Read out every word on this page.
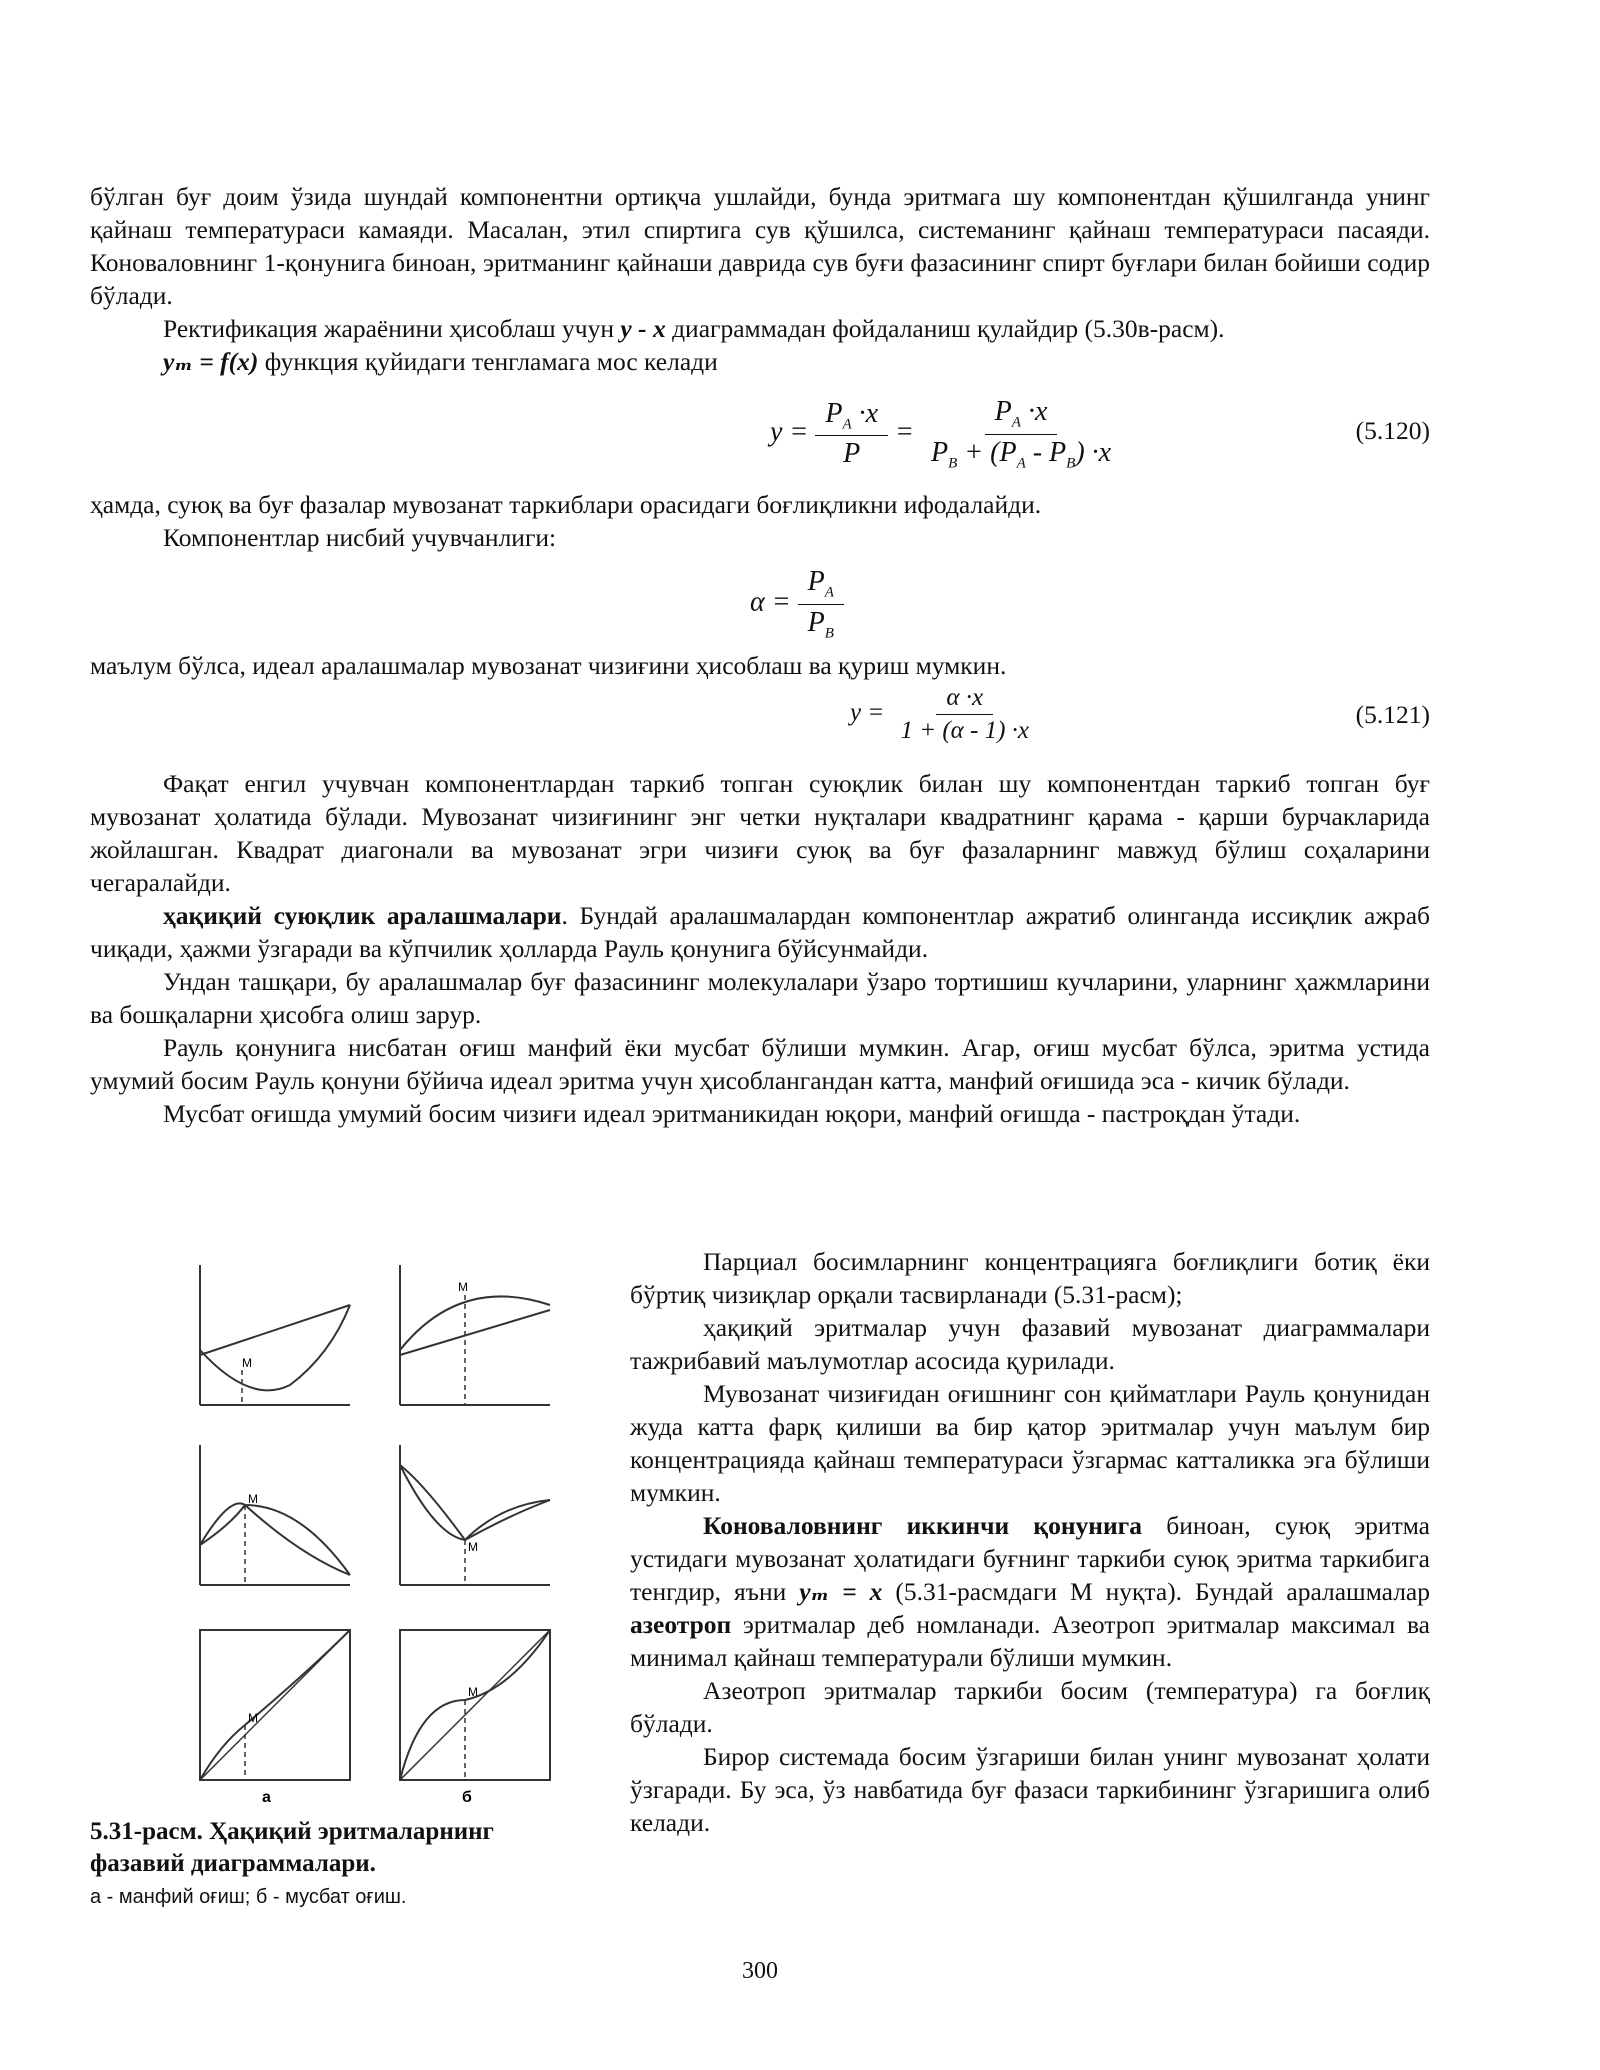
бўлган буғ доим ўзида шундай компонентни ортиқча ушлайди, бунда эритмага шу компонентдан қўшилганда унинг қайнаш температураси камаяди. Масалан, этил спиртига сув қўшилса, системанинг қайнаш температураси пасаяди. Коноваловнинг 1-қонунига биноан, эритманинг қайнаши даврида сув буғи фазасининг спирт буғлари билан бойиши содир бўлади.

Ректификация жараёнини ҳисоблаш учун y - x диаграммадан фойдаланиш қулайдир (5.30в-расм).

yₘ = f(x) функция қуйидаги тенгламага мос келади

$y = \frac{P_A \cdot x}{P} = \frac{P_A \cdot x}{P_B + (P_A - P_B) \cdot x}$	(5.120)

ҳамда, суюқ ва буғ фазалар мувозанат таркиблари орасидаги боғлиқликни ифодалайди.

Компонентлар нисбий учувчанлиги:

$\alpha = \frac{P_A}{P_B}$

маълум бўлса, идеал аралашмалар мувозанат чизиғини ҳисоблаш ва қуриш мумкин.

$y = \frac{\alpha \cdot x}{1 + (\alpha - 1) \cdot x}$	(5.121)

Фақат енгил учувчан компонентлардан таркиб топган суюқлик билан шу компонентдан таркиб топган буғ мувозанат ҳолатида бўлади. Мувозанат чизиғининг энг четки нуқталари квадратнинг қарама - қарши бурчакларида жойлашган. Квадрат диагонали ва мувозанат эгри чизиғи суюқ ва буғ фазаларнинг мавжуд бўлиш соҳаларини чегаралайди.

ҳақиқий суюқлик аралашмалари. Бундай аралашмалардан компонентлар ажратиб олинганда иссиқлик ажраб чиқади, ҳажми ўзгаради ва кўпчилик ҳолларда Рауль қонунига бўйсунмайди.

Ундан ташқари, бу аралашмалар буғ фазасининг молекулалари ўзаро тортишиш кучларини, уларнинг ҳажмларини ва бошқаларни ҳисобга олиш зарур.

Рауль қонунига нисбатан оғиш манфий ёки мусбат бўлиши мумкин. Агар, оғиш мусбат бўлса, эритма устида умумий босим Рауль қонуни бўйича идеал эритма учун ҳисоблангандан катта, манфий оғишида эса - кичик бўлади.

Мусбат оғишда умумий босим чизиғи идеал эритманикидан юқори, манфий оғишда - пастроқдан ўтади.

M
M
M
M
M
а
M
б
5.31-расм. Ҳақиқий эритмаларнинг фазавий диаграммалари.
а - манфий оғиш; б - мусбат оғиш.

Парциал босимларнинг концентрацияга боғлиқлиги ботиқ ёки бўртиқ чизиқлар орқали тасвирланади (5.31-расм);

ҳақиқий эритмалар учун фазавий мувозанат диаграммалари тажрибавий маълумотлар асосида қурилади.

Мувозанат чизиғидан оғишнинг сон қийматлари Рауль қонунидан жуда катта фарқ қилиши ва бир қатор эритмалар учун маълум бир концентрацияда қайнаш температураси ўзгармас катталикка эга бўлиши мумкин.

Коноваловнинг иккинчи қонунига биноан, суюқ эритма устидаги мувозанат ҳолатидаги буғнинг таркиби суюқ эритма таркибига тенгдир, яъни yₘ = x (5.31-расмдаги М нуқта). Бундай аралашмалар азеотроп эритмалар деб номланади. Азеотроп эритмалар максимал ва минимал қайнаш температурали бўлиши мумкин.

Азеотроп эритмалар таркиби босим (температура) га боғлиқ бўлади.

Бирор системада босим ўзгариши билан унинг мувозанат ҳолати ўзгаради. Бу эса, ўз навбатида буғ фазаси таркибининг ўзгаришига олиб келади.

300
